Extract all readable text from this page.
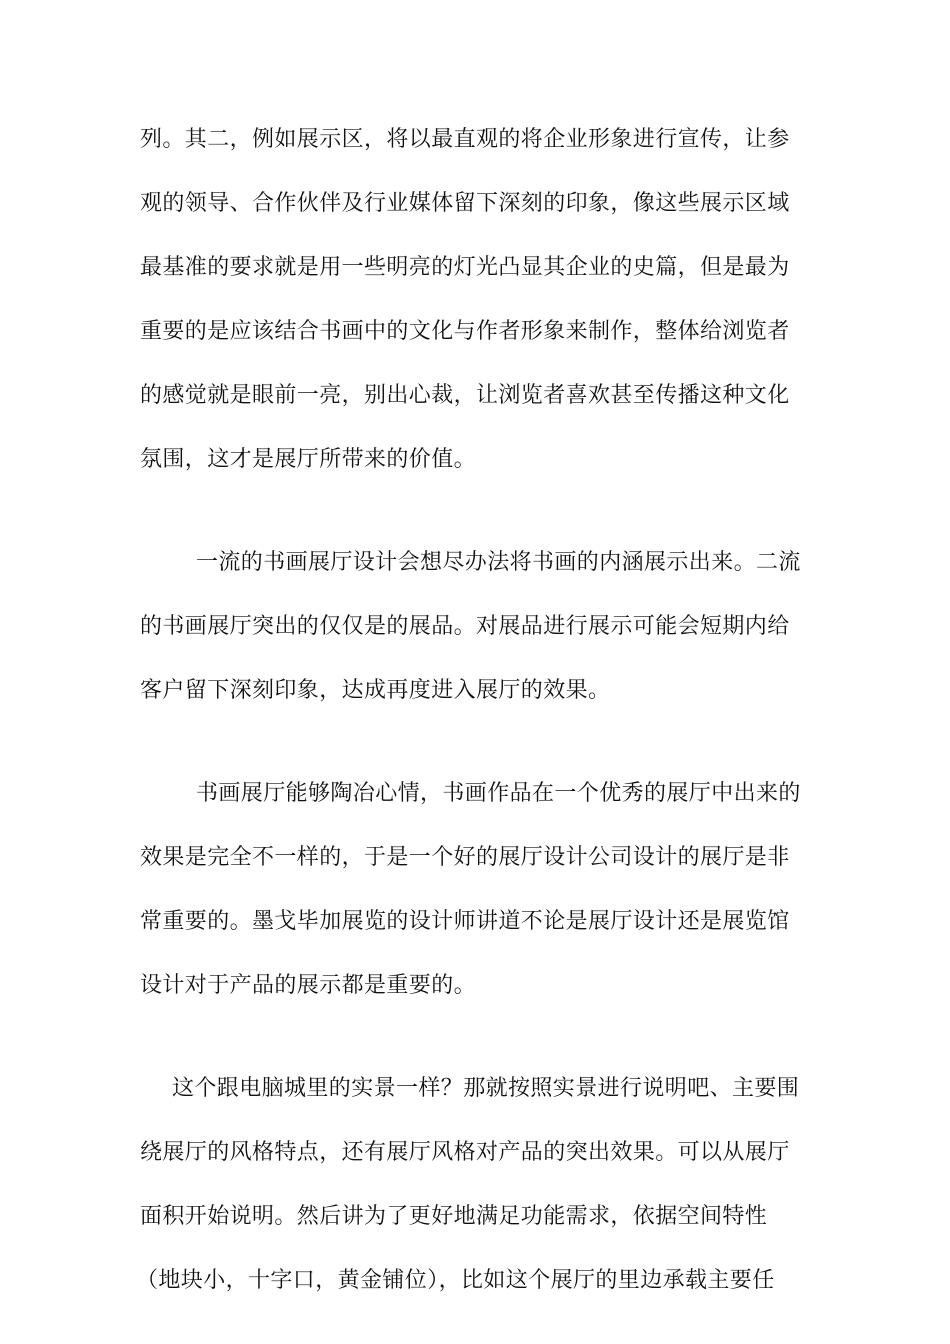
列。其二，例如展示区，将以最直观的将企业形象进行宣传，让参
观的领导、合作伙伴及行业媒体留下深刻的印象，像这些展示区域
最基准的要求就是用一些明亮的灯光凸显其企业的史篇，但是最为
重要的是应该结合书画中的文化与作者形象来制作，整体给浏览者
的感觉就是眼前一亮，别出心裁，让浏览者喜欢甚至传播这种文化
氛围，这才是展厅所带来的价值。
一流的书画展厅设计会想尽办法将书画的内涵展示出来。二流
的书画展厅突出的仅仅是的展品。对展品进行展示可能会短期内给
客户留下深刻印象，达成再度进入展厅的效果。
书画展厅能够陶冶心情，书画作品在一个优秀的展厅中出来的
效果是完全不一样的，于是一个好的展厅设计公司设计的展厅是非
常重要的。墨戈毕加展览的设计师讲道不论是展厅设计还是展览馆
设计对于产品的展示都是重要的。
这个跟电脑城里的实景一样？那就按照实景进行说明吧、主要围
绕展厅的风格特点，还有展厅风格对产品的突出效果。可以从展厅
面积开始说明。然后讲为了更好地满足功能需求，依据空间特性
（地块小，十字口，黄金铺位），比如这个展厅的里边承载主要任
